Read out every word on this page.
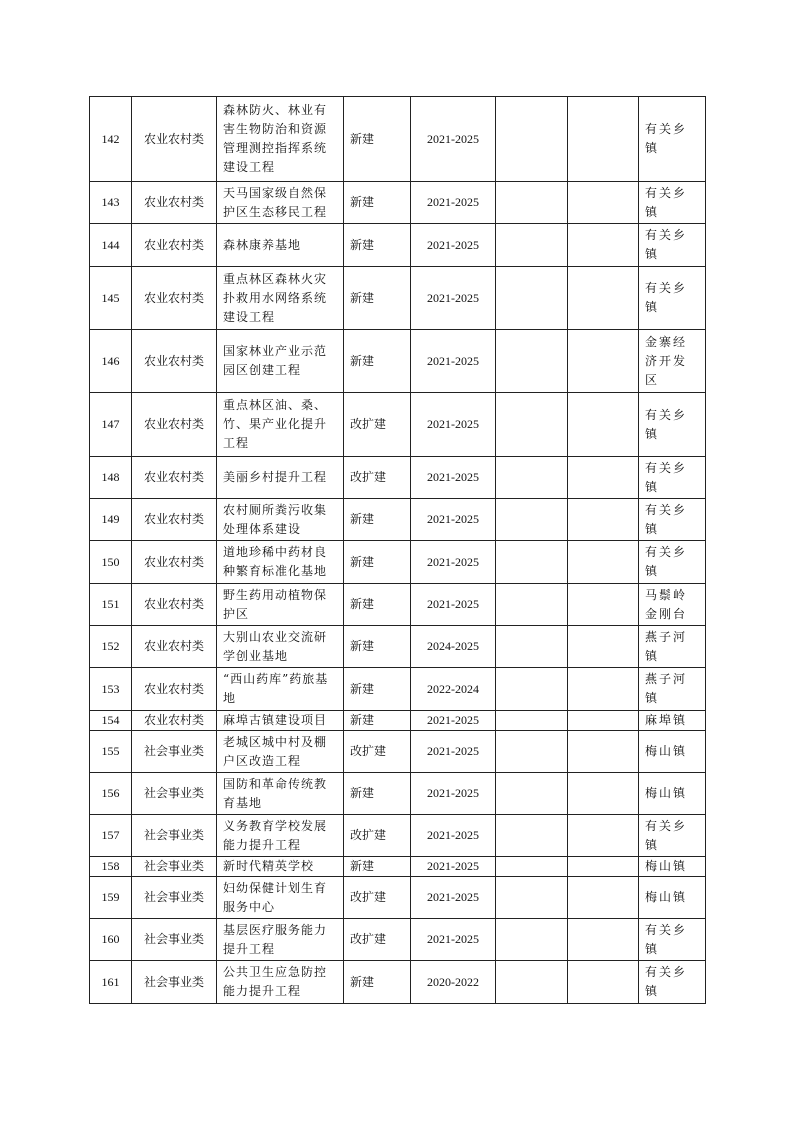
142	农业农村类	森林防火、林业有害生物防治和资源管理测控指挥系统建设工程	新建	2021-2025			有关乡镇
143	农业农村类	天马国家级自然保护区生态移民工程	新建	2021-2025			有关乡镇
144	农业农村类	森林康养基地	新建	2021-2025			有关乡镇
145	农业农村类	重点林区森林火灾扑救用水网络系统建设工程	新建	2021-2025			有关乡镇
146	农业农村类	国家林业产业示范园区创建工程	新建	2021-2025			金寨经济开发区
147	农业农村类	重点林区油、桑、竹、果产业化提升工程	改扩建	2021-2025			有关乡镇
148	农业农村类	美丽乡村提升工程	改扩建	2021-2025			有关乡镇
149	农业农村类	农村厕所粪污收集处理体系建设	新建	2021-2025			有关乡镇
150	农业农村类	道地珍稀中药材良种繁育标准化基地	新建	2021-2025			有关乡镇
151	农业农村类	野生药用动植物保护区	新建	2021-2025			马鬃岭金刚台
152	农业农村类	大别山农业交流研学创业基地	新建	2024-2025			燕子河镇
153	农业农村类	“西山药库”药旅基地	新建	2022-2024			燕子河镇
154	农业农村类	麻埠古镇建设项目	新建	2021-2025			麻埠镇
155	社会事业类	老城区城中村及棚户区改造工程	改扩建	2021-2025			梅山镇
156	社会事业类	国防和革命传统教育基地	新建	2021-2025			梅山镇
157	社会事业类	义务教育学校发展能力提升工程	改扩建	2021-2025			有关乡镇
158	社会事业类	新时代精英学校	新建	2021-2025			梅山镇
159	社会事业类	妇幼保健计划生育服务中心	改扩建	2021-2025			梅山镇
160	社会事业类	基层医疗服务能力提升工程	改扩建	2021-2025			有关乡镇
161	社会事业类	公共卫生应急防控能力提升工程	新建	2020-2022			有关乡镇
